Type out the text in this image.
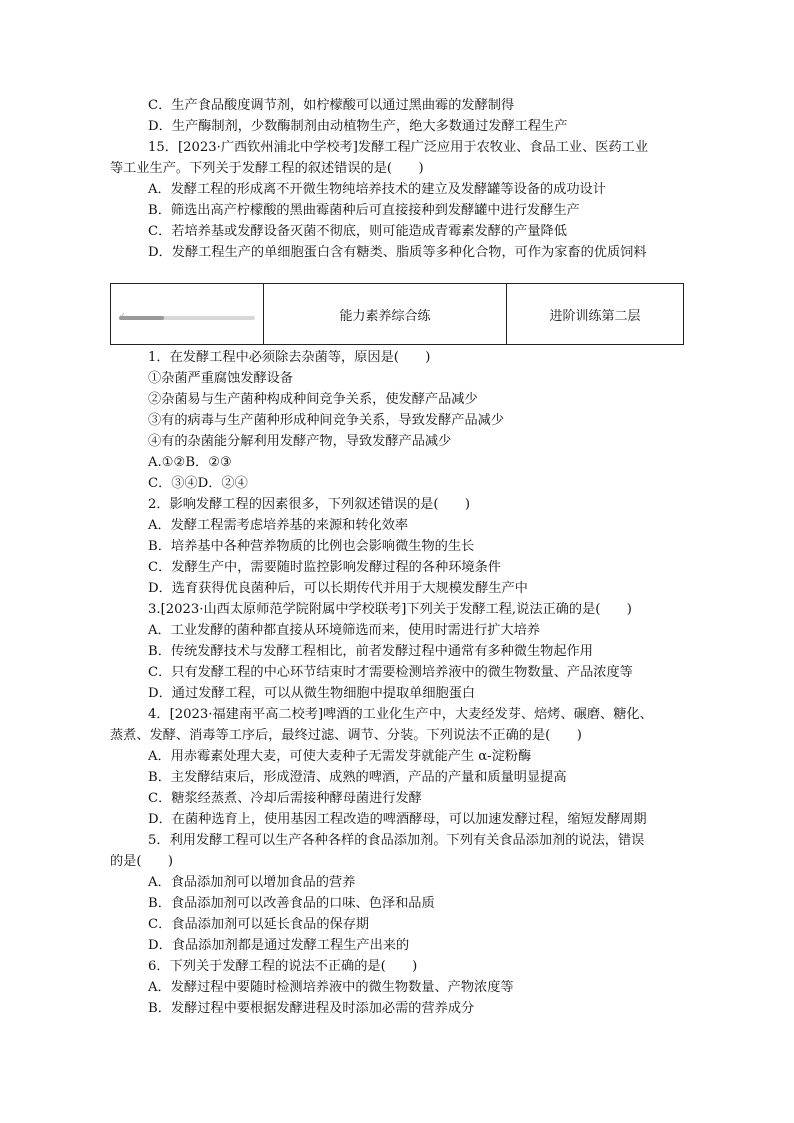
C．生产食品酸度调节剂，如柠檬酸可以通过黑曲霉的发酵制得
D．生产酶制剂，少数酶制剂由动植物生产，绝大多数通过发酵工程生产
15．[2023·广西钦州浦北中学校考]发酵工程广泛应用于农牧业、食品工业、医药工业
等工业生产。下列关于发酵工程的叙述错误的是(　　)
A．发酵工程的形成离不开微生物纯培养技术的建立及发酵罐等设备的成功设计
B．筛选出高产柠檬酸的黑曲霉菌种后可直接接种到发酵罐中进行发酵生产
C．若培养基或发酵设备灭菌不彻底，则可能造成青霉素发酵的产量降低
D．发酵工程生产的单细胞蛋白含有糖类、脂质等多种化合物，可作为家畜的优质饲料
能力素养综合练	进阶训练第二层
1．在发酵工程中必须除去杂菌等，原因是(　　)
①杂菌严重腐蚀发酵设备
②杂菌易与生产菌种构成种间竞争关系，使发酵产品减少
③有的病毒与生产菌种形成种间竞争关系，导致发酵产品减少
④有的杂菌能分解利用发酵产物，导致发酵产品减少
A.①②B．②③
C．③④D．②④
2．影响发酵工程的因素很多，下列叙述错误的是(　　)
A．发酵工程需考虑培养基的来源和转化效率
B．培养基中各种营养物质的比例也会影响微生物的生长
C．发酵生产中，需要随时监控影响发酵过程的各种环境条件
D．选育获得优良菌种后，可以长期传代并用于大规模发酵生产中
3.[2023·山西太原师范学院附属中学校联考]下列关于发酵工程,说法正确的是(　　)
A．工业发酵的菌种都直接从环境筛选而来，使用时需进行扩大培养
B．传统发酵技术与发酵工程相比，前者发酵过程中通常有多种微生物起作用
C．只有发酵工程的中心环节结束时才需要检测培养液中的微生物数量、产品浓度等
D．通过发酵工程，可以从微生物细胞中提取单细胞蛋白
4．[2023·福建南平高二校考]啤酒的工业化生产中，大麦经发芽、焙烤、碾磨、糖化、
蒸煮、发酵、消毒等工序后，最终过滤、调节、分装。下列说法不正确的是(　　)
A．用赤霉素处理大麦，可使大麦种子无需发芽就能产生 α-淀粉酶
B．主发酵结束后，形成澄清、成熟的啤酒，产品的产量和质量明显提高
C．糖浆经蒸煮、冷却后需接种酵母菌进行发酵
D．在菌种选育上，使用基因工程改造的啤酒酵母，可以加速发酵过程，缩短发酵周期
5．利用发酵工程可以生产各种各样的食品添加剂。下列有关食品添加剂的说法，错误
的是(　　)
A．食品添加剂可以增加食品的营养
B．食品添加剂可以改善食品的口味、色泽和品质
C．食品添加剂可以延长食品的保存期
D．食品添加剂都是通过发酵工程生产出来的
6．下列关于发酵工程的说法不正确的是(　　)
A．发酵过程中要随时检测培养液中的微生物数量、产物浓度等
B．发酵过程中要根据发酵进程及时添加必需的营养成分
